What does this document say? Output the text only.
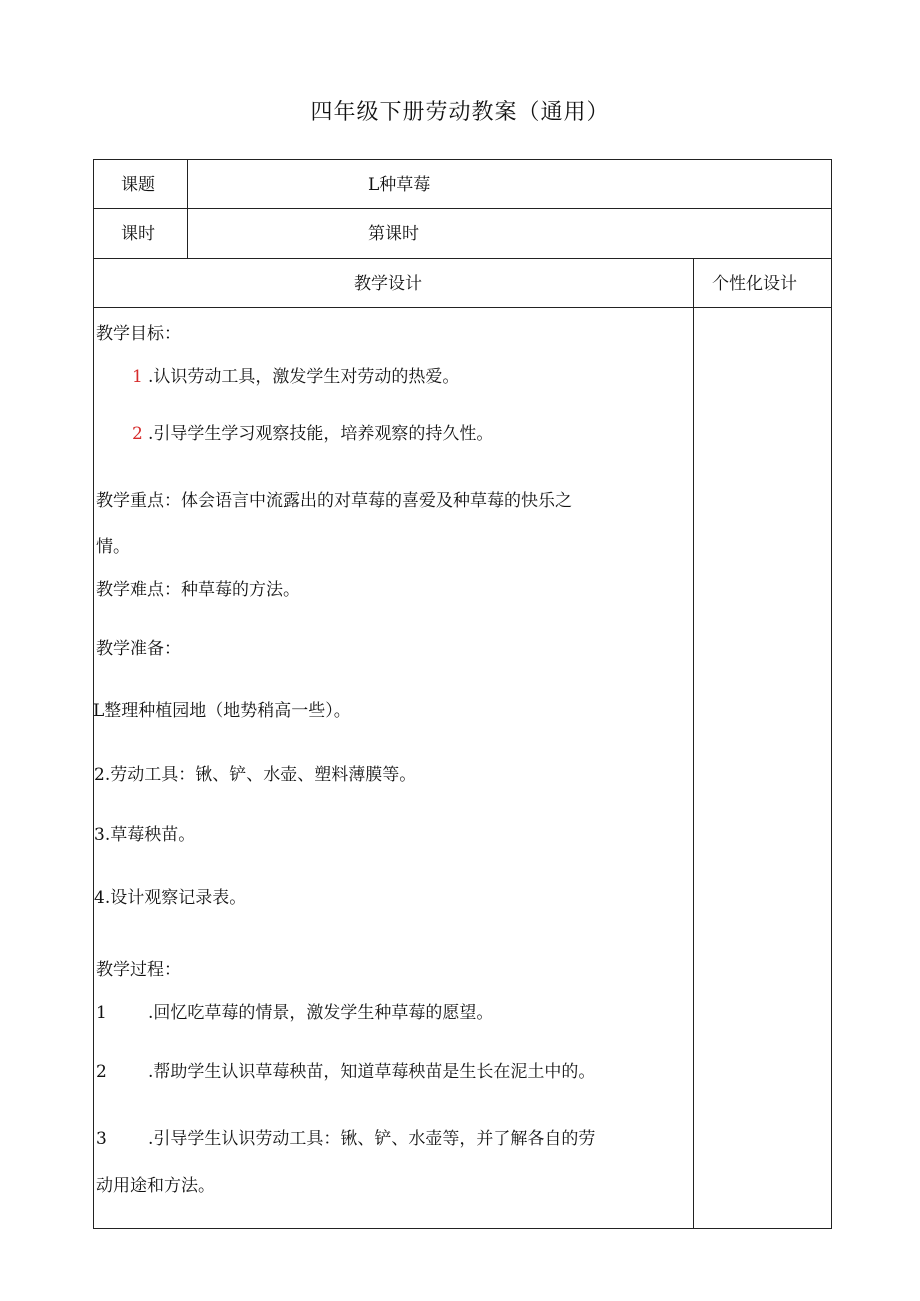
四年级下册劳动教案（通用）
课题	L种草莓
课时	第课时
教学设计	个性化设计
教学目标：
1 .认识劳动工具，激发学生对劳动的热爱。
2 .引导学生学习观察技能，培养观察的持久性。
教学重点：体会语言中流露出的对草莓的喜爱及种草莓的快乐之
情。
教学难点：种草莓的方法。
教学准备：
L整理种植园地（地势稍高一些）。
2.劳动工具：锹、铲、水壶、塑料薄膜等。
3.草莓秧苗。
4.设计观察记录表。
教学过程：
1 .回忆吃草莓的情景，激发学生种草莓的愿望。
2 .帮助学生认识草莓秧苗，知道草莓秧苗是生长在泥土中的。
3 .引导学生认识劳动工具：锹、铲、水壶等，并了解各自的劳
动用途和方法。
